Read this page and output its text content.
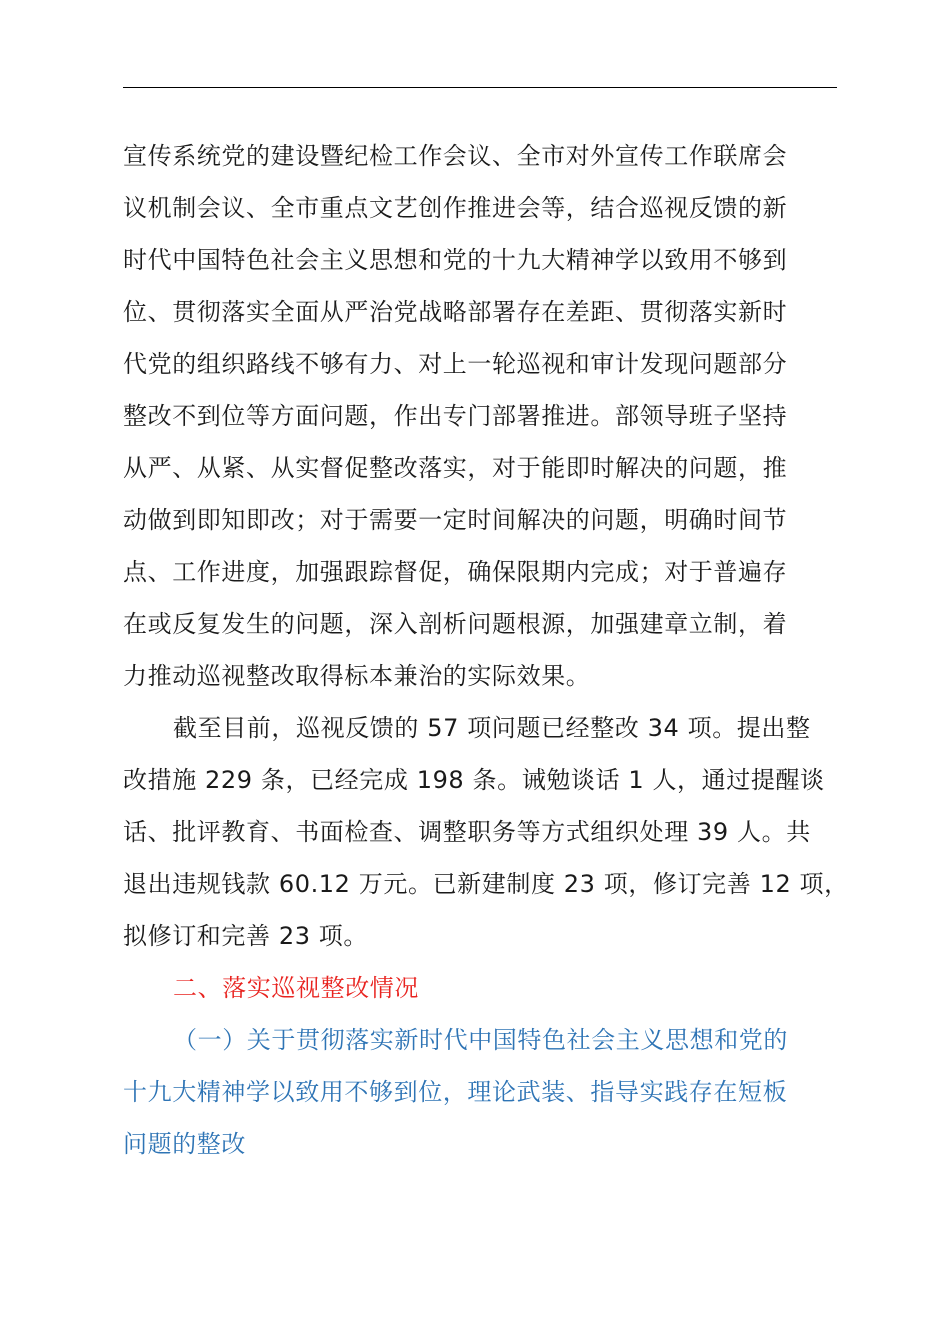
宣传系统党的建设暨纪检工作会议、全市对外宣传工作联席会
议机制会议、全市重点文艺创作推进会等，结合巡视反馈的新
时代中国特色社会主义思想和党的十九大精神学以致用不够到
位、贯彻落实全面从严治党战略部署存在差距、贯彻落实新时
代党的组织路线不够有力、对上一轮巡视和审计发现问题部分
整改不到位等方面问题，作出专门部署推进。部领导班子坚持
从严、从紧、从实督促整改落实，对于能即时解决的问题，推
动做到即知即改；对于需要一定时间解决的问题，明确时间节
点、工作进度，加强跟踪督促，确保限期内完成；对于普遍存
在或反复发生的问题，深入剖析问题根源，加强建章立制，着
力推动巡视整改取得标本兼治的实际效果。
截至目前，巡视反馈的 57 项问题已经整改 34 项。提出整
改措施 229 条，已经完成 198 条。诫勉谈话 1 人，通过提醒谈
话、批评教育、书面检查、调整职务等方式组织处理 39 人。共
退出违规钱款 60.12 万元。已新建制度 23 项，修订完善 12 项，
拟修订和完善 23 项。
二、落实巡视整改情况
（一）关于贯彻落实新时代中国特色社会主义思想和党的
十九大精神学以致用不够到位，理论武装、指导实践存在短板
问题的整改
